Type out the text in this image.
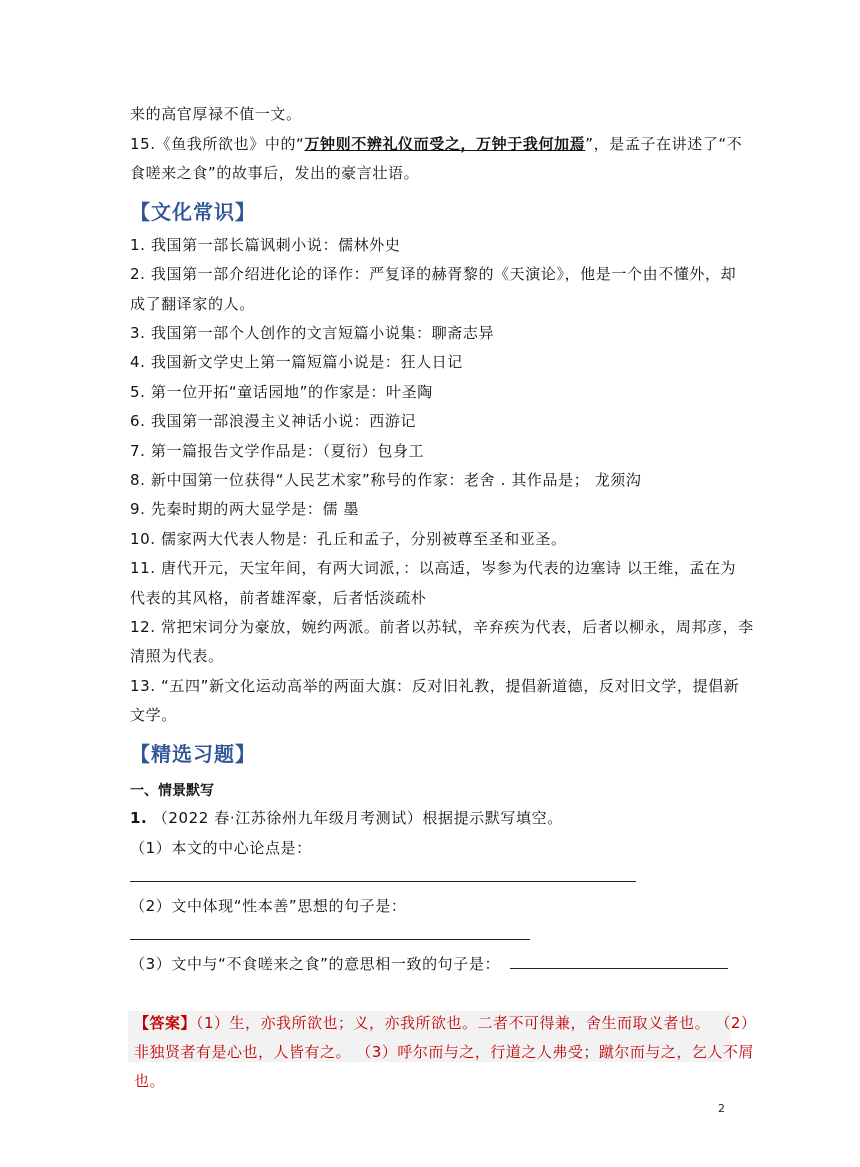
来的高官厚禄不值一文。
15.《鱼我所欲也》中的“万钟则不辨礼仪而受之，万钟于我何加焉”，是孟子在讲述了“不
食嗟来之食”的故事后，发出的豪言壮语。
【文化常识】
1. 我国第一部长篇讽刺小说：儒林外史
2. 我国第一部介绍进化论的译作：严复译的赫胥黎的《天演论》，他是一个由不懂外，却
成了翻译家的人。
3. 我国第一部个人创作的文言短篇小说集：聊斋志异
4. 我国新文学史上第一篇短篇小说是：狂人日记
5. 第一位开拓“童话园地”的作家是：叶圣陶
6. 我国第一部浪漫主义神话小说：西游记
7. 第一篇报告文学作品是：（夏衍）包身工
8. 新中国第一位获得“人民艺术家”称号的作家：老舍 . 其作品是； 龙须沟
9. 先秦时期的两大显学是：儒 墨
10. 儒家两大代表人物是：孔丘和孟子，分别被尊至圣和亚圣。
11. 唐代开元，天宝年间，有两大词派，：以高适，岑参为代表的边塞诗 以王维，孟在为
代表的其风格，前者雄浑豪，后者恬淡疏朴
12. 常把宋词分为豪放，婉约两派。前者以苏轼，辛弃疾为代表，后者以柳永，周邦彦，李
清照为代表。
13. “五四”新文化运动高举的两面大旗：反对旧礼教，提倡新道德，反对旧文学，提倡新
文学。
【精选习题】
一、情景默写
1. （2022 春·江苏徐州九年级月考测试）根据提示默写填空。
（1）本文的中心论点是：
（2）文中体现“性本善”思想的句子是：
（3）文中与“不食嗟来之食”的意思相一致的句子是：
【答案】（1）生，亦我所欲也；义，亦我所欲也。二者不可得兼，舍生而取义者也。 （2）
非独贤者有是心也，人皆有之。 （3）呼尔而与之，行道之人弗受；蹴尔而与之，乞人不屑
也。
2
